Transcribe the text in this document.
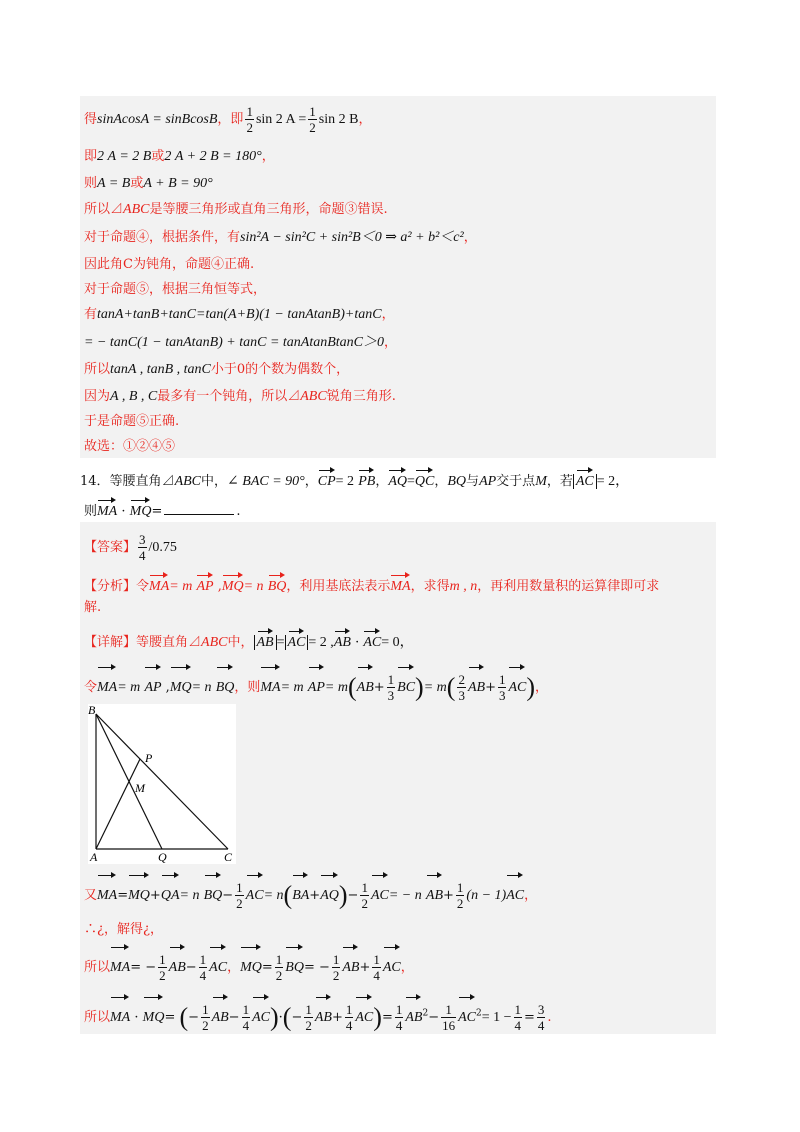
得sinAcosA = sinBcosB，即 $\frac{1}{2}$ sin 2 $A = \frac{1}{2}$ sin 2 B，
即2 A = 2 B或2 A + 2 B = 180°，
则A = B或A + B = 90°
所以⊿ABC是等腰三角形或直角三角形，命题③错误.
对于命题④，根据条件，有sin²A − sin²C + sin²B＜0 ⇒ a² + b²＜c²，
因此角C为钝角，命题④正确.
对于命题⑤，根据三角恒等式，
有tanA+tanB+tanC=tan(A+B)(1 − tanAtanB)+tanC，
= − tanC(1 − tanAtanB) + tanC = tanAtanBtanC＞0，
所以tanA , tanB , tanC小于0的个数为偶数个，
因为A , B , C最多有一个钝角，所以⊿ABC锐角三角形.
于是命题⑤正确.
故选：①②④⑤
14．等腰直角⊿ABC中，∠ BAC = 90°，CP= 2 PB，AQ=QC，BQ与AP交于点M，若 AC = 2，
则MA · MQ=	.
【答案】 $\frac{3}{4} /0.75$
【分析】令MA= m AP ,MQ= n BQ，利用基底法表示MA，求得m , n，再利用数量积的运算律即可求
解.
【详解】等腰直角⊿ABC中， AB = AC = 2 ,AB · AC= 0，
令MA= m AP ,MQ= n BQ，则MA= m $AP= m(AB+ \frac{1}{3} BC)= m( \frac{2}{3} AB+ \frac{1}{3} AC)$，
B
P
M
A	Q	C
又MA=MQ+QA= n $BQ- \frac{1}{2} AC= n(BA+AQ)- \frac{1}{2} AC= - n$ $AB+ \frac{1}{2} (n - 1)AC$，
∴¿，解得¿，
所以$MA= - \frac{1}{2} AB- \frac{1}{4}$ AC，$MQ= \frac{1}{2} BQ= - \frac{1}{2} AB+ \frac{1}{4}$ AC，
所以MA · MQ= (− $\frac{1}{2} AB- \frac{1}{4} AC)\cdot(- \frac{1}{2} AB+ \frac{1}{4} AC)= \frac{1}{4} AB^2- \frac{1}{16} AC^2= 1 - \frac{1}{4} = \frac{3}{4}$ .
